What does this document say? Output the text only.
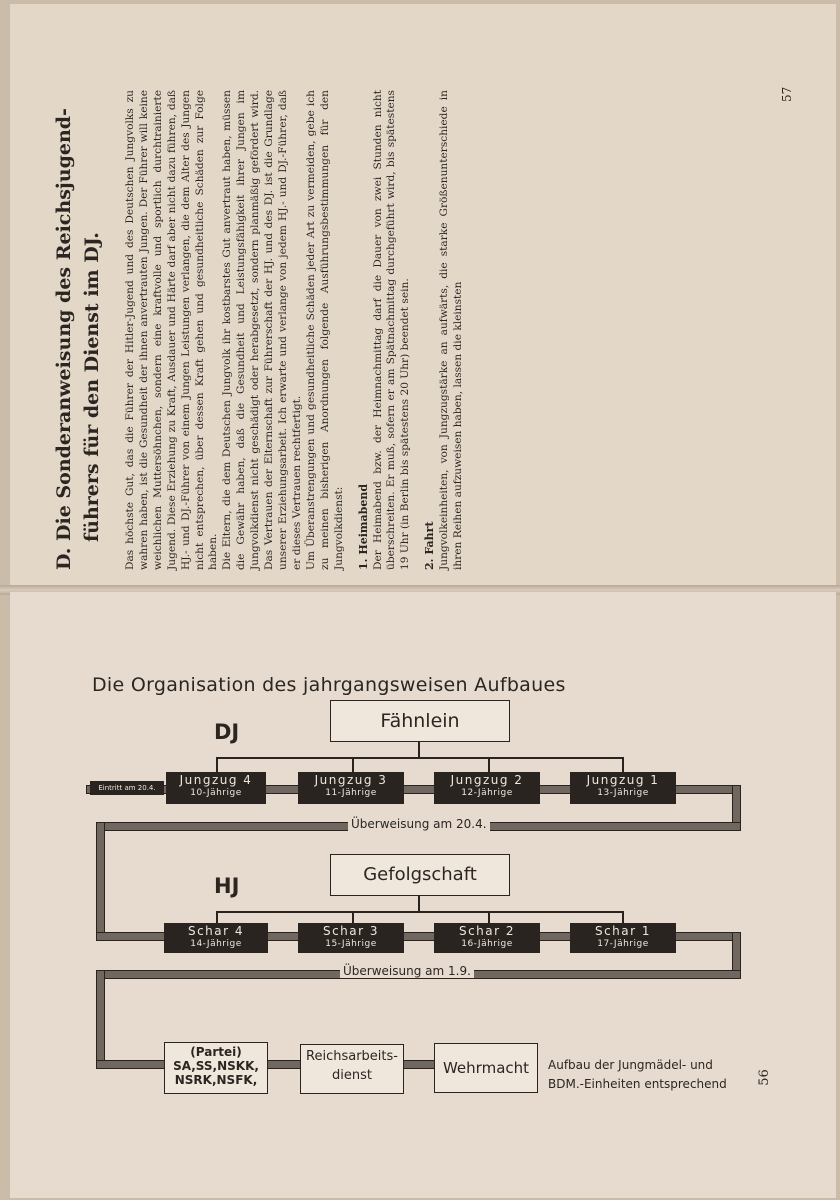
D. Die Sonderanweisung des Reichsjugend- führers für den Dienst im DJ. Das höchste Gut, das die Führer der Hitler-Jugend und des Deutschen Jungvolks zu wahren haben, ist die Gesundheit der ihnen anvertrauten Jungen. Der Führer will keine weichlichen Muttersöhnchen, sondern eine kraftvolle und sportlich durchtrainierte Jugend. Diese Erziehung zu Kraft, Ausdauer und Härte darf aber nicht dazu führen, daß HJ.- und DJ.-Führer von einem Jungen Leistungen verlangen, die dem Alter des Jungen nicht entsprechen, über dessen Kraft gehen und gesundheitliche Schäden zur Folge haben. Die Eltern, die dem Deutschen Jungvolk ihr kostbarstes Gut anvertraut haben, müssen die Gewähr haben, daß die Gesundheit und Leistungsfähigkeit ihrer Jungen im Jungvolkdienst nicht geschädigt oder herabgesetzt, sondern planmäßig gefördert wird. Das Vertrauen der Elternschaft zur Führerschaft der HJ. und des DJ. ist die Grundlage unserer Erziehungsarbeit. Ich erwarte und verlange von jedem HJ.- und DJ.-Führer, daß er dieses Vertrauen rechtfertigt. Um Überanstrengungen und gesundheitliche Schäden jeder Art zu vermeiden, gebe ich zu meinen bisherigen Anordnungen folgende Ausführungsbestimmungen für den Jungvolkdienst: 1. Heimabend Der Heimabend bzw. der Heimnachmittag darf die Dauer von zwei Stunden nicht überschreiten. Er muß, sofern er am Spätnachmittag durchgeführt wird, bis spätestens 19 Uhr (in Berlin bis spätestens 20 Uhr) beendet sein. 2. Fahrt Jungvolkeinheiten, von Jungzugstärke an aufwärts, die starke Größenunterschiede in ihren Reihen aufzuweisen haben, lassen die kleinsten

57
Die Organisation des jahrgangsweisen Aufbaues
DJ	Fähnlein
Eintritt am 20.4.
Jungzug 4
10-Jährige
Jungzug 3
11-Jährige
Jungzug 2
12-Jährige
Jungzug 1
13-Jährige
Überweisung am 20.4.
HJ	Gefolgschaft
Schar 4
14-Jährige
Schar 3
15-Jährige
Schar 2
16-Jährige
Schar 1
17-Jährige
Überweisung am 1.9.
(Partei)
SA,SS,NSKK,
NSRK,NSFK,
Reichsarbeits-
dienst	Wehrmacht	Aufbau der Jungmädel- und
BDM.-Einheiten entsprechend 56
